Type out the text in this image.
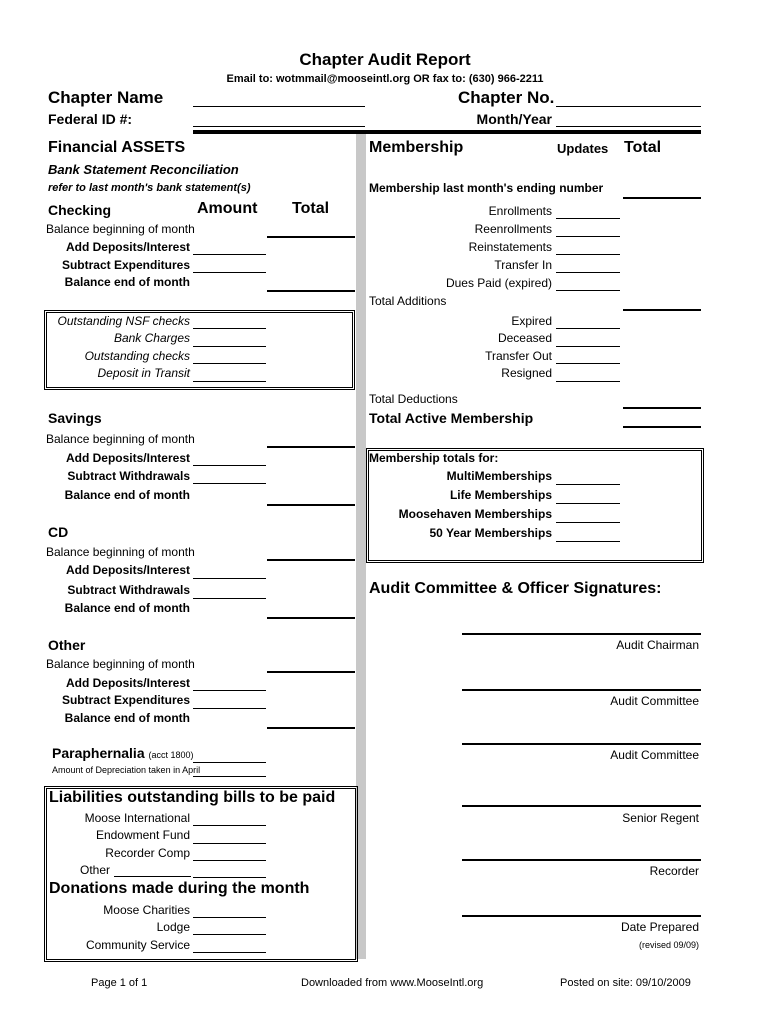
Chapter Audit Report
Email to: wotmmail@mooseintl.org OR fax to: (630) 966-2211
Chapter Name	Chapter No.
Federal ID #:	Month/Year
Financial ASSETS
Bank Statement Reconciliation
refer to last month's bank statement(s)
Checking	Amount Total
Balance beginning of month
Add Deposits/Interest
Subtract Expenditures
Balance end of month
Outstanding NSF checks
Bank Charges
Outstanding checks
Deposit in Transit
Savings
Balance beginning of month
Add Deposits/Interest
Subtract Withdrawals
Balance end of month
CD
Balance beginning of month
Add Deposits/Interest
Subtract Withdrawals
Balance end of month
Other
Balance beginning of month
Add Deposits/Interest
Subtract Expenditures
Balance end of month
Paraphernalia (acct 1800)
Amount of Depreciation taken in April
Liabilities outstanding bills to be paid
Moose International
Endowment Fund
Recorder Comp
Other
Donations made during the month
Moose Charities
Lodge
Community Service
Membership	Updates Total
Membership last month's ending number
Enrollments
Reenrollments
Reinstatements
Transfer In
Dues Paid (expired)
Total Additions
Expired
Deceased
Transfer Out
Resigned
Total Deductions
Total Active Membership
Membership totals for:
MultiMemberships
Life Memberships
Moosehaven Memberships
50 Year Memberships
Audit Committee & Officer Signatures:
Audit Chairman
Audit Committee
Audit Committee
Senior Regent
Recorder
Date Prepared
(revised 09/09)
Page 1 of 1	Downloaded from www.MooseIntl.org	Posted on site: 09/10/2009
